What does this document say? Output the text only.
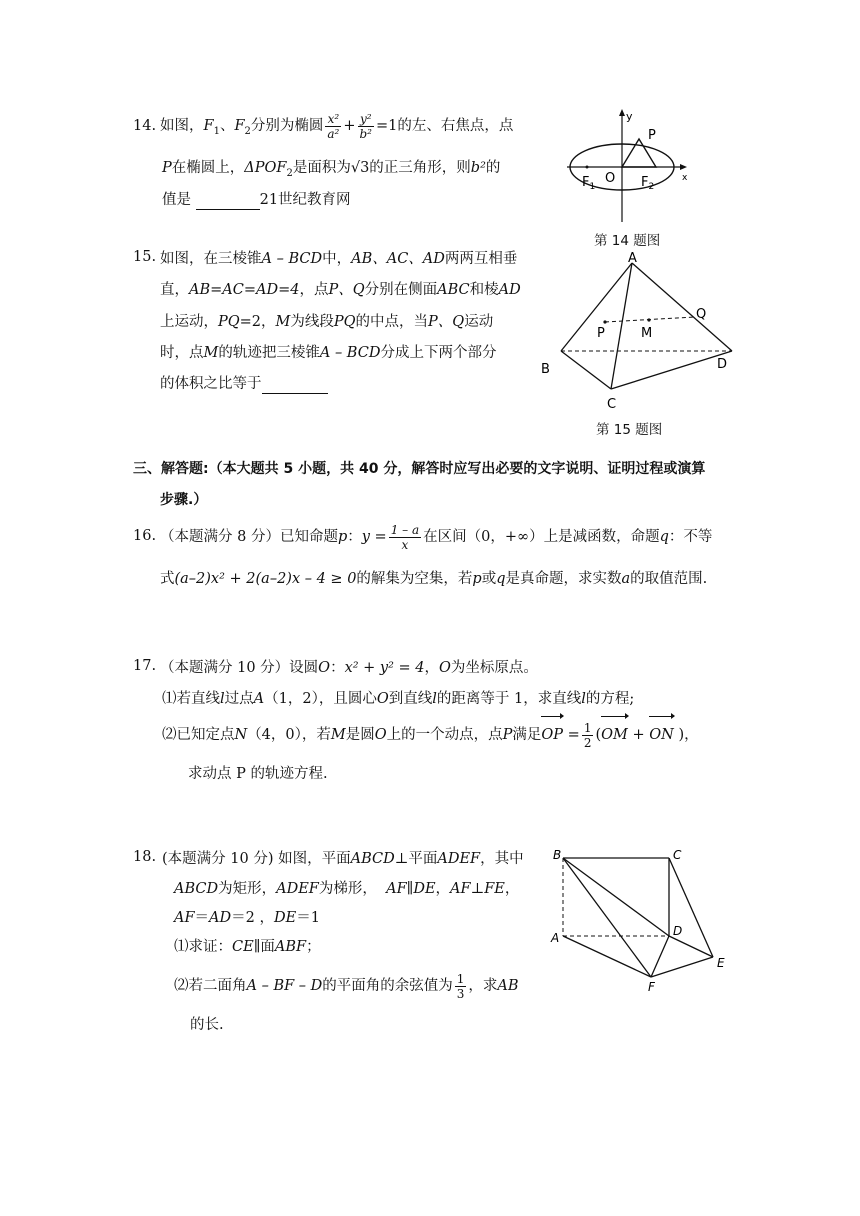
14. 如图，$F_1$、$F_2$分别为椭圆 $\frac{\text{x²}}{\text{a²}} + \frac{\text{y²}}{\text{b²}} =1$的左、右焦点，点
P在椭圆上，$\Delta POF_2$是面积为√3的正三角形，则b²的
值是	21世纪教育网
y
x
P
O
$F_1$	$F_2$
第 14 题图
15. 如图，在三棱锥A – BCD中，AB、AC、AD两两互相垂
直，AB=AC=AD=4，点P、Q分别在侧面ABC和棱AD
上运动，PQ=2，M为线段PQ的中点，当P、Q运动
时，点M的轨迹把三棱锥A – BCD分成上下两个部分
的体积之比等于
A
B
C
D
P
Q
M
第 15 题图
三、解答题:（本大题共 5 小题，共 40 分，解答时应写出必要的文字说明、证明过程或演算
步骤.）
16. （本题满分 8 分）已知命题p：$y = \frac{1 - a}{x}$ 在区间（0，+∞）上是减函数，命题q：不等
式(a–2)x² + 2(a–2)x – 4 ≥ 0的解集为空集，若p或q是真命题，求实数a的取值范围.
17. （本题满分 10 分）设圆O：x² + y² = 4，O为坐标原点。
⑴若直线l过点A（1，2），且圆心O到直线l的距离等于 1，求直线l的方程;
⑵已知定点N（4，0），若M是圆O上的一个动点，点P满足OP = $\frac{1}{2} (OM$ + ON )，
求动点 P 的轨迹方程.
18. (本题满分 10 分) 如图，平面ABCD⊥平面ADEF，其中
ABCD为矩形，ADEF为梯形， AF∥DE，AF⊥FE，
AF＝AD＝2 ，DE＝1
⑴求证：CE∥面ABF；
⑵若二面角A – BF – D的平面角的余弦值为 $\frac{1}{3}$ ，求AB
的长.
B	C
A	D
E
F
